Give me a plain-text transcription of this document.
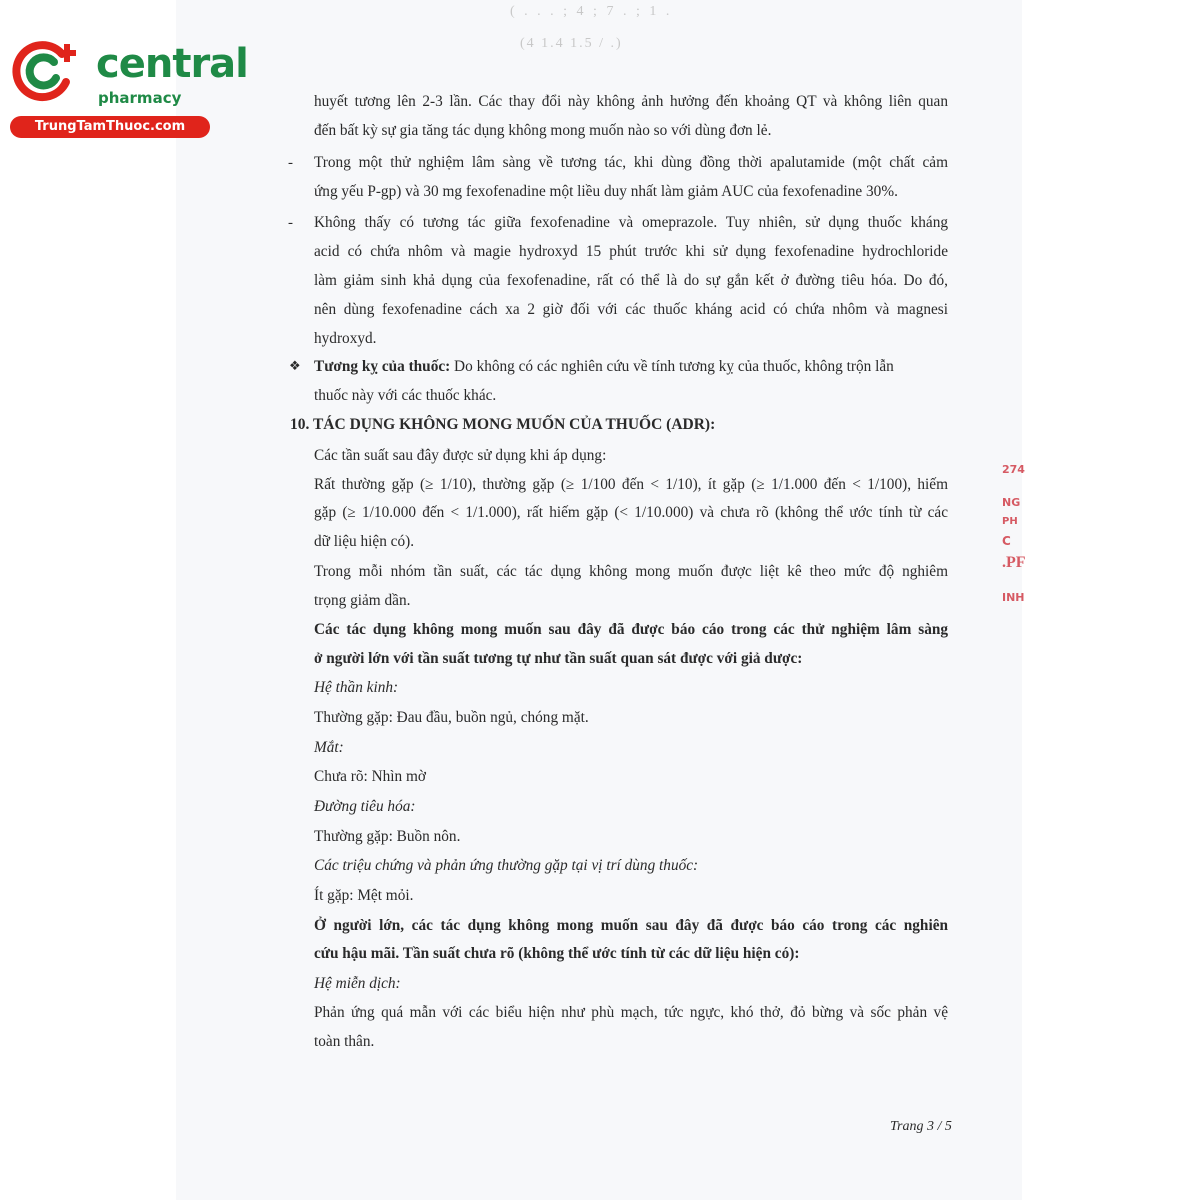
( . . . ; 4 ; 7 . ; 1 .
(4 1.4 1.5 / .)
central
pharmacy
TrungTamThuoc.com
274
NG
PH
C
.PF
INH
huyết tương lên 2-3 lần. Các thay đổi này không ảnh hưởng đến khoảng QT và không liên quan
đến bất kỳ sự gia tăng tác dụng không mong muốn nào so với dùng đơn lẻ.
- Trong một thử nghiệm lâm sàng về tương tác, khi dùng đồng thời apalutamide (một chất cảm
ứng yếu P-gp) và 30 mg fexofenadine một liều duy nhất làm giảm AUC của fexofenadine 30%.
- Không thấy có tương tác giữa fexofenadine và omeprazole. Tuy nhiên, sử dụng thuốc kháng
acid có chứa nhôm và magie hydroxyd 15 phút trước khi sử dụng fexofenadine hydrochloride
làm giảm sinh khả dụng của fexofenadine, rất có thể là do sự gắn kết ở đường tiêu hóa. Do đó,
nên dùng fexofenadine cách xa 2 giờ đối với các thuốc kháng acid có chứa nhôm và magnesi
hydroxyd.
❖ Tương kỵ của thuốc: Do không có các nghiên cứu về tính tương kỵ của thuốc, không trộn lẫn
thuốc này với các thuốc khác.
10. TÁC DỤNG KHÔNG MONG MUỐN CỦA THUỐC (ADR):
Các tần suất sau đây được sử dụng khi áp dụng:
Rất thường gặp (≥ 1/10), thường gặp (≥ 1/100 đến < 1/10), ít gặp (≥ 1/1.000 đến < 1/100), hiếm
gặp (≥ 1/10.000 đến < 1/1.000), rất hiếm gặp (< 1/10.000) và chưa rõ (không thể ước tính từ các
dữ liệu hiện có).
Trong mỗi nhóm tần suất, các tác dụng không mong muốn được liệt kê theo mức độ nghiêm
trọng giảm dần.
Các tác dụng không mong muốn sau đây đã được báo cáo trong các thử nghiệm lâm sàng
ở người lớn với tần suất tương tự như tần suất quan sát được với giả dược:
Hệ thần kinh:
Thường gặp: Đau đầu, buồn ngủ, chóng mặt.
Mắt:
Chưa rõ: Nhìn mờ
Đường tiêu hóa:
Thường gặp: Buồn nôn.
Các triệu chứng và phản ứng thường gặp tại vị trí dùng thuốc:
Ít gặp: Mệt mỏi.
Ở người lớn, các tác dụng không mong muốn sau đây đã được báo cáo trong các nghiên
cứu hậu mãi. Tần suất chưa rõ (không thể ước tính từ các dữ liệu hiện có):
Hệ miễn dịch:
Phản ứng quá mẫn với các biểu hiện như phù mạch, tức ngực, khó thở, đỏ bừng và sốc phản vệ
toàn thân.
Trang 3 / 5
